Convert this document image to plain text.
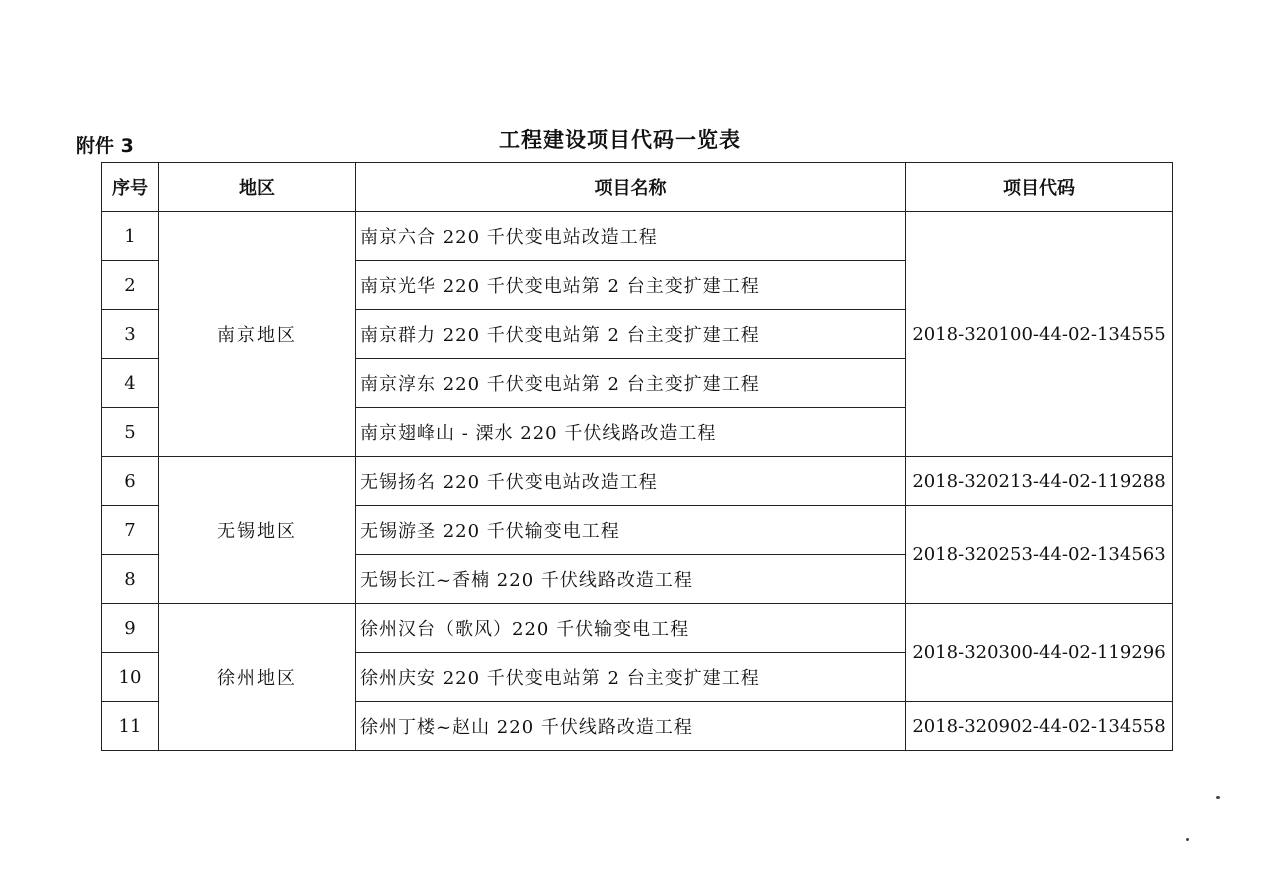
附件 3	工程建设项目代码一览表
序号	地区	项目名称	项目代码
1	南京地区	南京六合 220 千伏变电站改造工程	2018-320100-44-02-134555
2		南京光华 220 千伏变电站第 2 台主变扩建工程	
3		南京群力 220 千伏变电站第 2 台主变扩建工程	
4		南京淳东 220 千伏变电站第 2 台主变扩建工程	
5		南京翅峰山 - 溧水 220 千伏线路改造工程	
6	无锡地区	无锡扬名 220 千伏变电站改造工程	2018-320213-44-02-119288
7		无锡游圣 220 千伏输变电工程	2018-320253-44-02-134563
8		无锡长江~香楠 220 千伏线路改造工程	
9	徐州地区	徐州汉台（歌风）220 千伏输变电工程	2018-320300-44-02-119296
10		徐州庆安 220 千伏变电站第 2 台主变扩建工程	
11		徐州丁楼~赵山 220 千伏线路改造工程	2018-320902-44-02-134558
